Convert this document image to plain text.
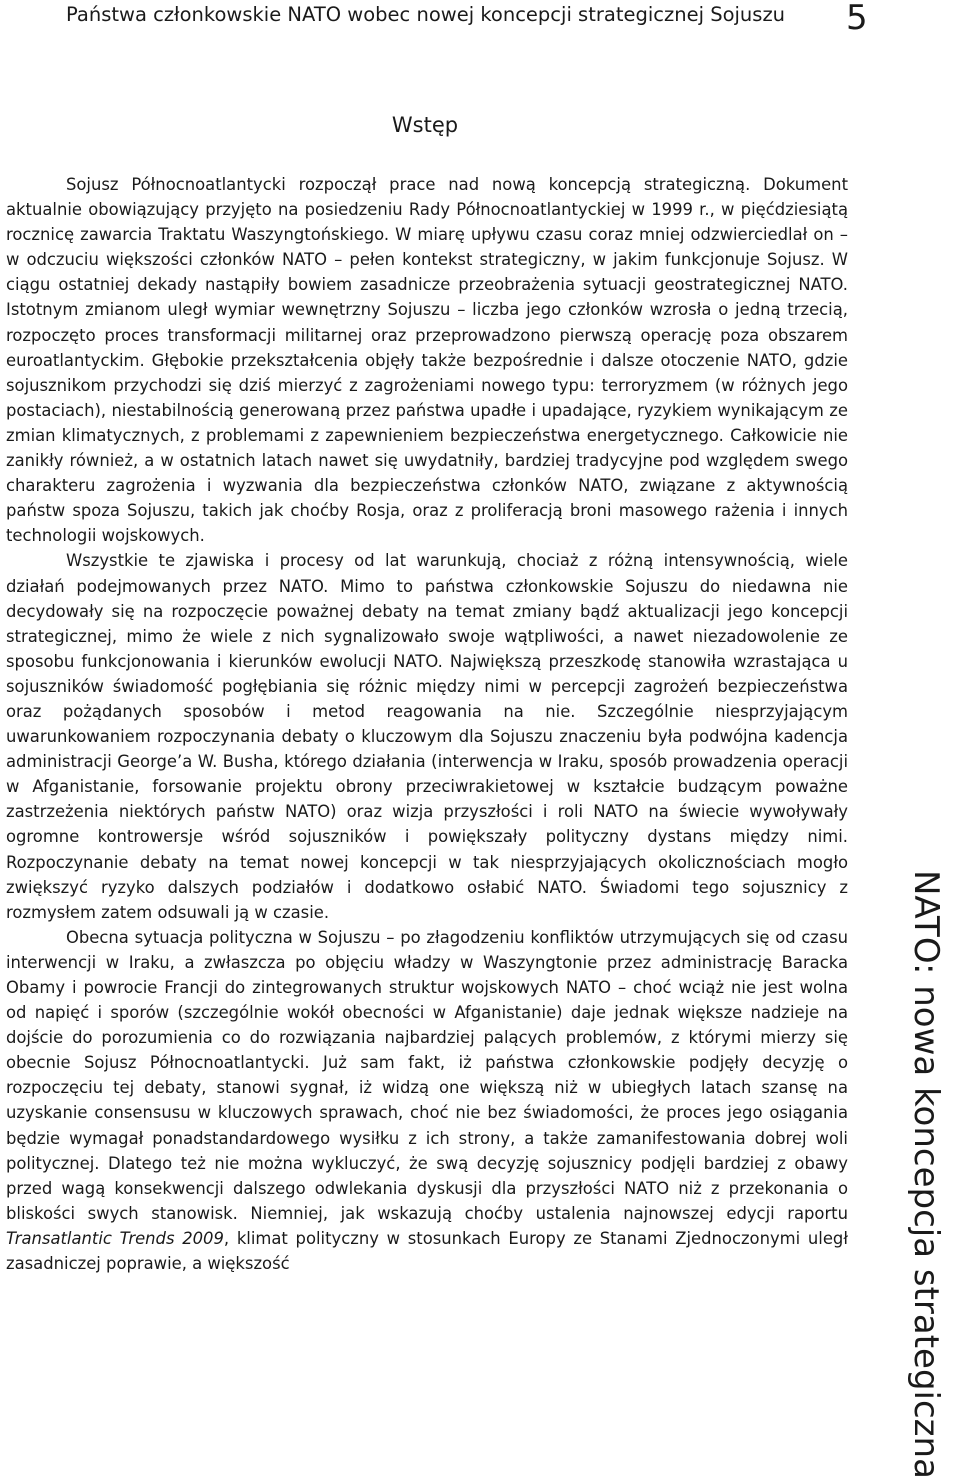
Państwa członkowskie NATO wobec nowej koncepcji strategicznej Sojuszu	5
Wstęp

Sojusz Północnoatlantycki rozpoczął prace nad nową koncepcją strategiczną. Dokument aktualnie obowiązujący przyjęto na posiedzeniu Rady Północnoatlantyckiej w 1999 r., w pięćdziesiątą rocznicę zawarcia Traktatu Waszyngtońskiego. W miarę upływu czasu coraz mniej odzwierciedlał on – w odczuciu większości członków NATO – pełen kontekst strategiczny, w jakim funkcjonuje Sojusz. W ciągu ostatniej dekady nastąpiły bowiem zasadnicze przeobrażenia sytuacji geostrategicznej NATO. Istotnym zmianom uległ wymiar wewnętrzny Sojuszu – liczba jego członków wzrosła o jedną trzecią, rozpoczęto proces transformacji militarnej oraz przeprowadzono pierwszą operację poza obszarem euroatlantyckim. Głębokie przekształcenia objęły także bezpośrednie i dalsze otoczenie NATO, gdzie sojusznikom przychodzi się dziś mierzyć z zagrożeniami nowego typu: terroryzmem (w różnych jego postaciach), niestabilnością generowaną przez państwa upadłe i upadające, ryzykiem wynikającym ze zmian klimatycznych, z problemami z zapewnieniem bezpieczeństwa energetycznego. Całkowicie nie zanikły również, a w ostatnich latach nawet się uwydatniły, bardziej tradycyjne pod względem swego charakteru zagrożenia i wyzwania dla bezpieczeństwa członków NATO, związane z aktywnością państw spoza Sojuszu, takich jak choćby Rosja, oraz z proliferacją broni masowego rażenia i innych technologii wojskowych.

Wszystkie te zjawiska i procesy od lat warunkują, chociaż z różną intensywnością, wiele działań podejmowanych przez NATO. Mimo to państwa członkowskie Sojuszu do niedawna nie decydowały się na rozpoczęcie poważnej debaty na temat zmiany bądź aktualizacji jego koncepcji strategicznej, mimo że wiele z nich sygnalizowało swoje wątpliwości, a nawet niezadowolenie ze sposobu funkcjonowania i kierunków ewolucji NATO. Największą przeszkodę stanowiła wzrastająca u sojuszników świadomość pogłębiania się różnic między nimi w percepcji zagrożeń bezpieczeństwa oraz pożądanych sposobów i metod reagowania na nie. Szczególnie niesprzyjającym uwarunkowaniem rozpoczynania debaty o kluczowym dla Sojuszu znaczeniu była podwójna kadencja administracji George’a W. Busha, którego działania (interwencja w Iraku, sposób prowadzenia operacji w Afganistanie, forsowanie projektu obrony przeciwrakietowej w kształcie budzącym poważne zastrzeżenia niektórych państw NATO) oraz wizja przyszłości i roli NATO na świecie wywoływały ogromne kontrowersje wśród sojuszników i powiększały polityczny dystans między nimi. Rozpoczynanie debaty na temat nowej koncepcji w tak niesprzyjających okolicznościach mogło zwiększyć ryzyko dalszych podziałów i dodatkowo osłabić NATO. Świadomi tego sojusznicy z rozmysłem zatem odsuwali ją w czasie.

Obecna sytuacja polityczna w Sojuszu – po złagodzeniu konfliktów utrzymujących się od czasu interwencji w Iraku, a zwłaszcza po objęciu władzy w Waszyngtonie przez administrację Baracka Obamy i powrocie Francji do zintegrowanych struktur wojskowych NATO – choć wciąż nie jest wolna od napięć i sporów (szczególnie wokół obecności w Afganistanie) daje jednak większe nadzieje na dojście do porozumienia co do rozwiązania najbardziej palących problemów, z którymi mierzy się obecnie Sojusz Północnoatlantycki. Już sam fakt, iż państwa członkowskie podjęły decyzję o rozpoczęciu tej debaty, stanowi sygnał, iż widzą one większą niż w ubiegłych latach szansę na uzyskanie consensusu w kluczowych sprawach, choć nie bez świadomości, że proces jego osiągania będzie wymagał ponadstandardowego wysiłku z ich strony, a także zamanifestowania dobrej woli politycznej. Dlatego też nie można wykluczyć, że swą decyzję sojusznicy podjęli bardziej z obawy przed wagą konsekwencji dalszego odwlekania dyskusji dla przyszłości NATO niż z przekonania o bliskości swych stanowisk. Niemniej, jak wskazują choćby ustalenia najnowszej edycji raportu Transatlantic Trends 2009, klimat polityczny w stosunkach Europy ze Stanami Zjednoczonymi uległ zasadniczej poprawie, a większość	NATO: nowa koncepcja strategiczna
